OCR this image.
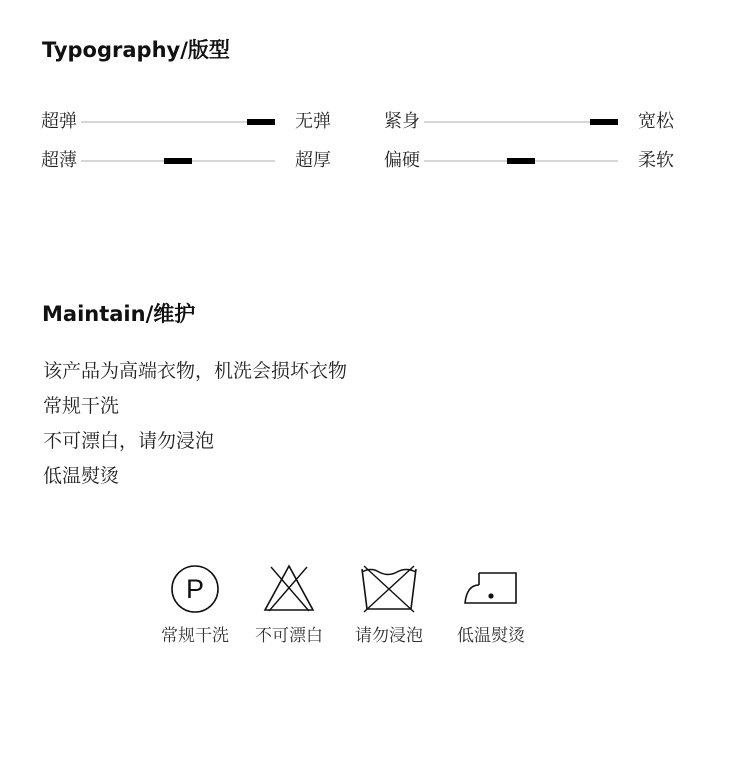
Typography/版型
超弹	无弹	紧身	宽松
超薄	超厚	偏硬	柔软
Maintain/维护
该产品为高端衣物，机洗会损坏衣物
常规干洗
不可漂白，请勿浸泡
低温熨烫
P
常规干洗	不可漂白	请勿浸泡	低温熨烫
